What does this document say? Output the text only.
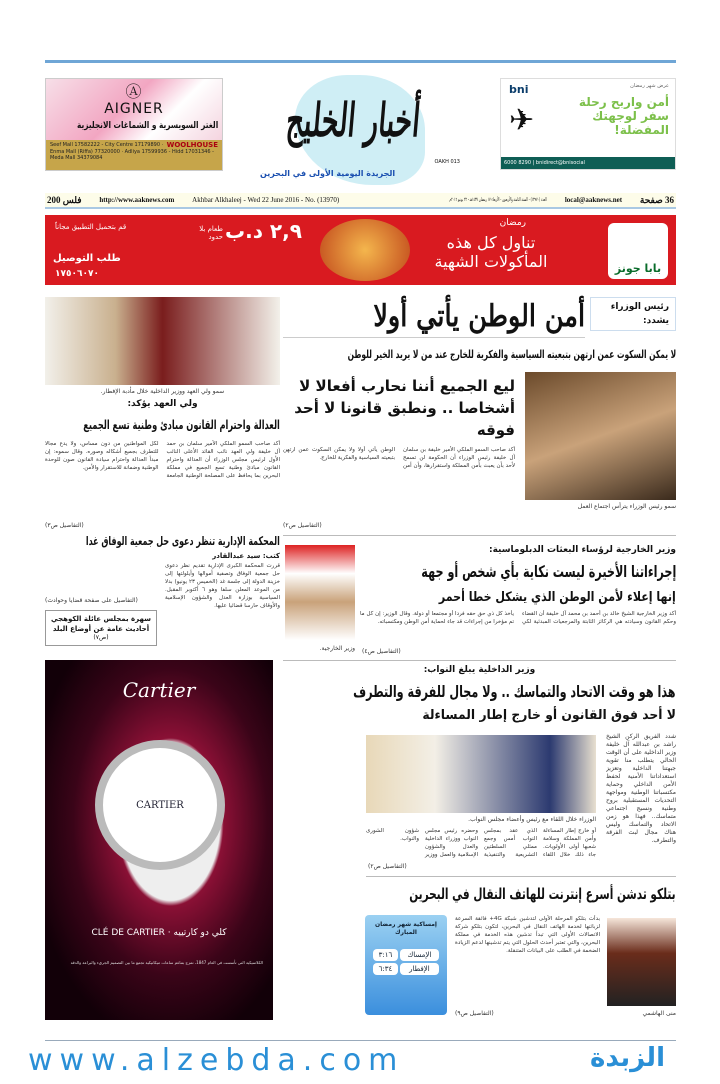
Ⓐ
AIGNER
الغتر السويسرية و الشماغات الانجليزية
WOOLHOUSE
Seef Mall 17582222 - City Centre 17179890 · Enma Mall (Riffa) 77320000 · Adliya 17599936 - Hidd 17031346 - Meda Mall 34379084
أخبار الخليج
الجريدة اليومية الأولى في البحرين
OAKH 013
bni	عرض شهر رمضان
أمن واربح رحلة سفر لوجهتك المفضلة!
✈
6000 8290 | bnidirect@bnisocial
200 فلس	http://www.aaknews.com	Akhbar Alkhaleej - Wed 22 June 2016 - No. (13970)	العدد (١٣٩٧٠) - السنة الثامنة والأربعون - الأربعاء ١٧ رمضان ١٤٣٧هـ - ٢٢ يونيو ٢٠١٦م	local@aaknews.net 36 صفحة
بابا جونز
رمضان
تناول كل هذه المأكولات الشهية
٢,٩ د.ب
طعام بلا حدود
قم بتحميل التطبيق مجاناً
طلب التوصيل
١٧٥٠٦٠٧٠
رئيس الوزراء
يشدد:
أمن الوطن يأتي أولا
لا يمكن السكوت عمن ارتهن بتبعيته السياسية والفكرية للخارج عند من لا يريد الخير للوطن
سمو رئيس الوزراء يترأس اجتماع العمل
ليع الجميع أننا نحارب أفعالا لا أشخاصا .. ونطبق قانونا لا أحد فوقه
أكد صاحب السمو الملكي الأمير خليفة بن سلمان آل خليفة رئيس الوزراء أن الحكومة لن تسمح لأحد بأن يعبث بأمن المملكة واستقرارها، وأن أمن الوطن يأتي أولا ولا يمكن السكوت عمن ارتهن بتبعيته السياسية والفكرية للخارج.
(التفاصيل ص٢)
وزير الخارجية.
وزير الخارجية لرؤساء البعثات الدبلوماسية:
إجراءاتنا الأخيرة ليست نكاية بأي شخص أو جهة
إنها إعلاء لأمن الوطن الذي يشكل خطا أحمر
أكد وزير الخارجية الشيخ خالد بن أحمد بن محمد آل خليفة أن القضاء وحكم القانون وسيادته هي الركائز الثابتة والمرجعيات المبدئية لكي يأخذ كل ذي حق حقه فردا أو مجتمعا أو دولة. وقال الوزير: إن كل ما تم مؤخرا من إجراءات قد جاء لحماية أمن الوطن ومكتسباته.
(التفاصيل ص٤)
وزير الداخلية يبلغ النواب:
هذا هو وقت الاتحاد والتماسك .. ولا مجال للفرقة والتطرف
لا أحد فوق القانون أو خارج إطار المساءلة
شدد الفريق الركن الشيخ راشد بن عبدالله آل خليفة وزير الداخلية على أن الوقت الحالي يتطلب منا تقوية جبهتنا الداخلية وتعزيز استعداداتنا الأمنية لحفظ الأمن الداخلي وحماية مكتسباتنا الوطنية ومواجهة التحديات المستقبلية بروح وطنية ونسيج اجتماعي متماسك.. فهذا هو زمن الاتحاد والتماسك وليس هناك مجال لبث الفرقة والتطرف.
الوزراء خلال اللقاء مع رئيس وأعضاء مجلس النواب.
أو خارج إطار المساءلة وأمن المملكة وسلامة شعبها أولى الأولويات. جاء ذلك خلال اللقاء الذي عقد بمجلس النواب أمس وجمع ممثلي السلطتين التشريعية والتنفيذية وحضره رئيس مجلس النواب ووزراء الداخلية والعدل والشؤون الإسلامية والعمل ووزير شؤون الشورى والنواب.
(التفاصيل ص٢)
بتلكو تدشن أسرع إنترنت للهاتف النقال في البحرين
منى الهاشمي
بدأت بتلكو المرحلة الأولى لتدشين شبكة 4G+ فائقة السرعة لزبائنها لخدمة الهاتف النقال في البحرين، لتكون بتلكو شركة الاتصالات الأولى التي تبدأ تدشين هذه الخدمة في مملكة البحرين، والتي تعتبر أحدث الحلول التي يتم تدشينها لدعم الزيادة الضخمة في الطلب على البيانات المتنقلة.
(التفاصيل ص٩)
إمساكية شهر رمضان المبارك
الإمساك	٣:١٦
الإفطار	٦:٣٤
سمو ولي العهد ووزير الداخلية خلال مأدبة الإفطار.
ولي العهد يؤكد:
العدالة واحترام القانون مبادئ وطنية تسع الجميع
أكد صاحب السمو الملكي الأمير سلمان بن حمد آل خليفة ولي العهد نائب القائد الأعلى النائب الأول لرئيس مجلس الوزراء أن العدالة واحترام القانون مبادئ وطنية تسع الجميع في مملكة البحرين بما يحافظ على المصلحة الوطنية الجامعة لكل المواطنين من دون مساس، ولا يدع مجالا للتطرف بجميع أشكاله وصوره. وقال سموه: إن مبدأ العدالة واحترام سيادة القانون صون للوحدة الوطنية وضمانة للاستقرار والأمن.
(التفاصيل ص٣)
المحكمة الإدارية تنظر دعوى حل جمعية الوفاق غدا
كتب: سيد عبدالقادر
قررت المحكمة الكبرى الإدارية تقديم نظر دعوى حل جمعية الوفاق وتصفية أموالها وأيلولتها إلى خزينة الدولة إلى جلسة غد (الخميس ٢٣ يونيو) بدلا من الموعد المعلن سلفا وهو ٦ أكتوبر المقبل. السياسية بوزارة العدل والشؤون الإسلامية والأوقاف حارسا قضائيا عليها.
(التفاصيل على صفحة قضايا وحوادث)
سهرة بمجلس عائلة الكوهجي
أحاديث عامة عن أوضاع البلد
(ص٧)
Cartier
CARTIER
CLÉ DE CARTIER · كلي دو كارتييه
الكلاسيكية التي تأسست في العام 1847، تمزج بتناغم ساعات ميكانيكية تجمع ما بين التصميم الجريء والبراعة والدقة
www.alzebda.com	الزبدة
